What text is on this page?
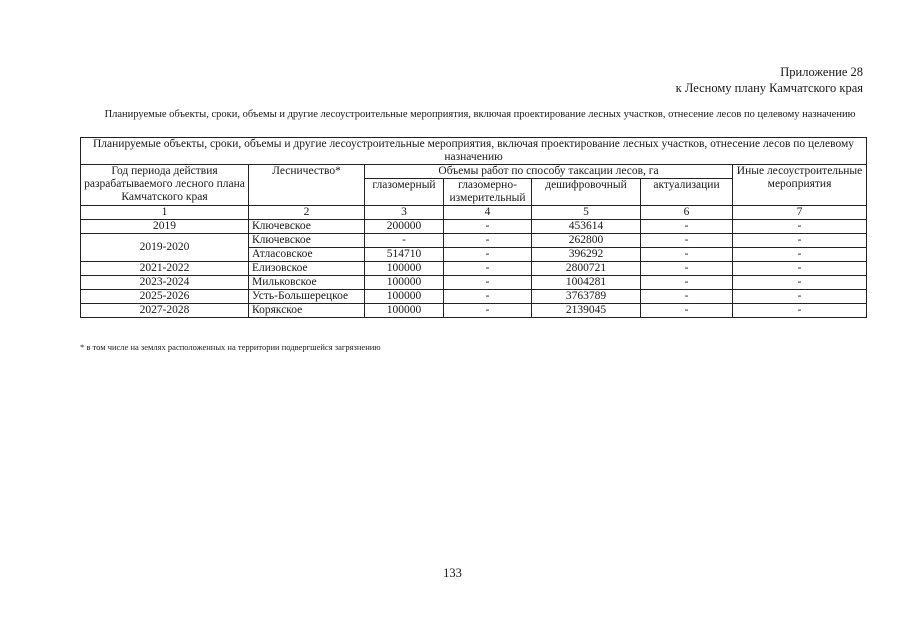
Приложение 28
к Лесному плану Камчатского края
Планируемые объекты, сроки, объемы и другие лесоустроительные мероприятия, включая проектирование лесных участков, отнесение лесов по целевому назначению
Планируемые объекты, сроки, объемы и другие лесоустроительные мероприятия, включая проектирование лесных участков, отнесение лесов по целевому назначению						
Год периода действия разрабатываемого лесного плана Камчатского края	Лесничество*	Объемы работ по способу таксации лесов, га				Иные лесоустроительные мероприятия
		глазомерный	глазомерно-измерительный	дешифровочный	актуализации	
1	2	3	4	5	6	7
2019	Ключевское	200000	-	453614	-	-
2019-2020	Ключевское	-	-	262800	-	-
	Атласовское	514710	-	396292	-	-
2021-2022	Елизовское	100000	-	2800721	-	-
2023-2024	Мильковское	100000	-	1004281	-	-
2025-2026	Усть-Большерецкое	100000	-	3763789	-	-
2027-2028	Корякское	100000	-	2139045	-	-
* в том числе на землях расположенных на территории подвергшейся загрязнению
133
